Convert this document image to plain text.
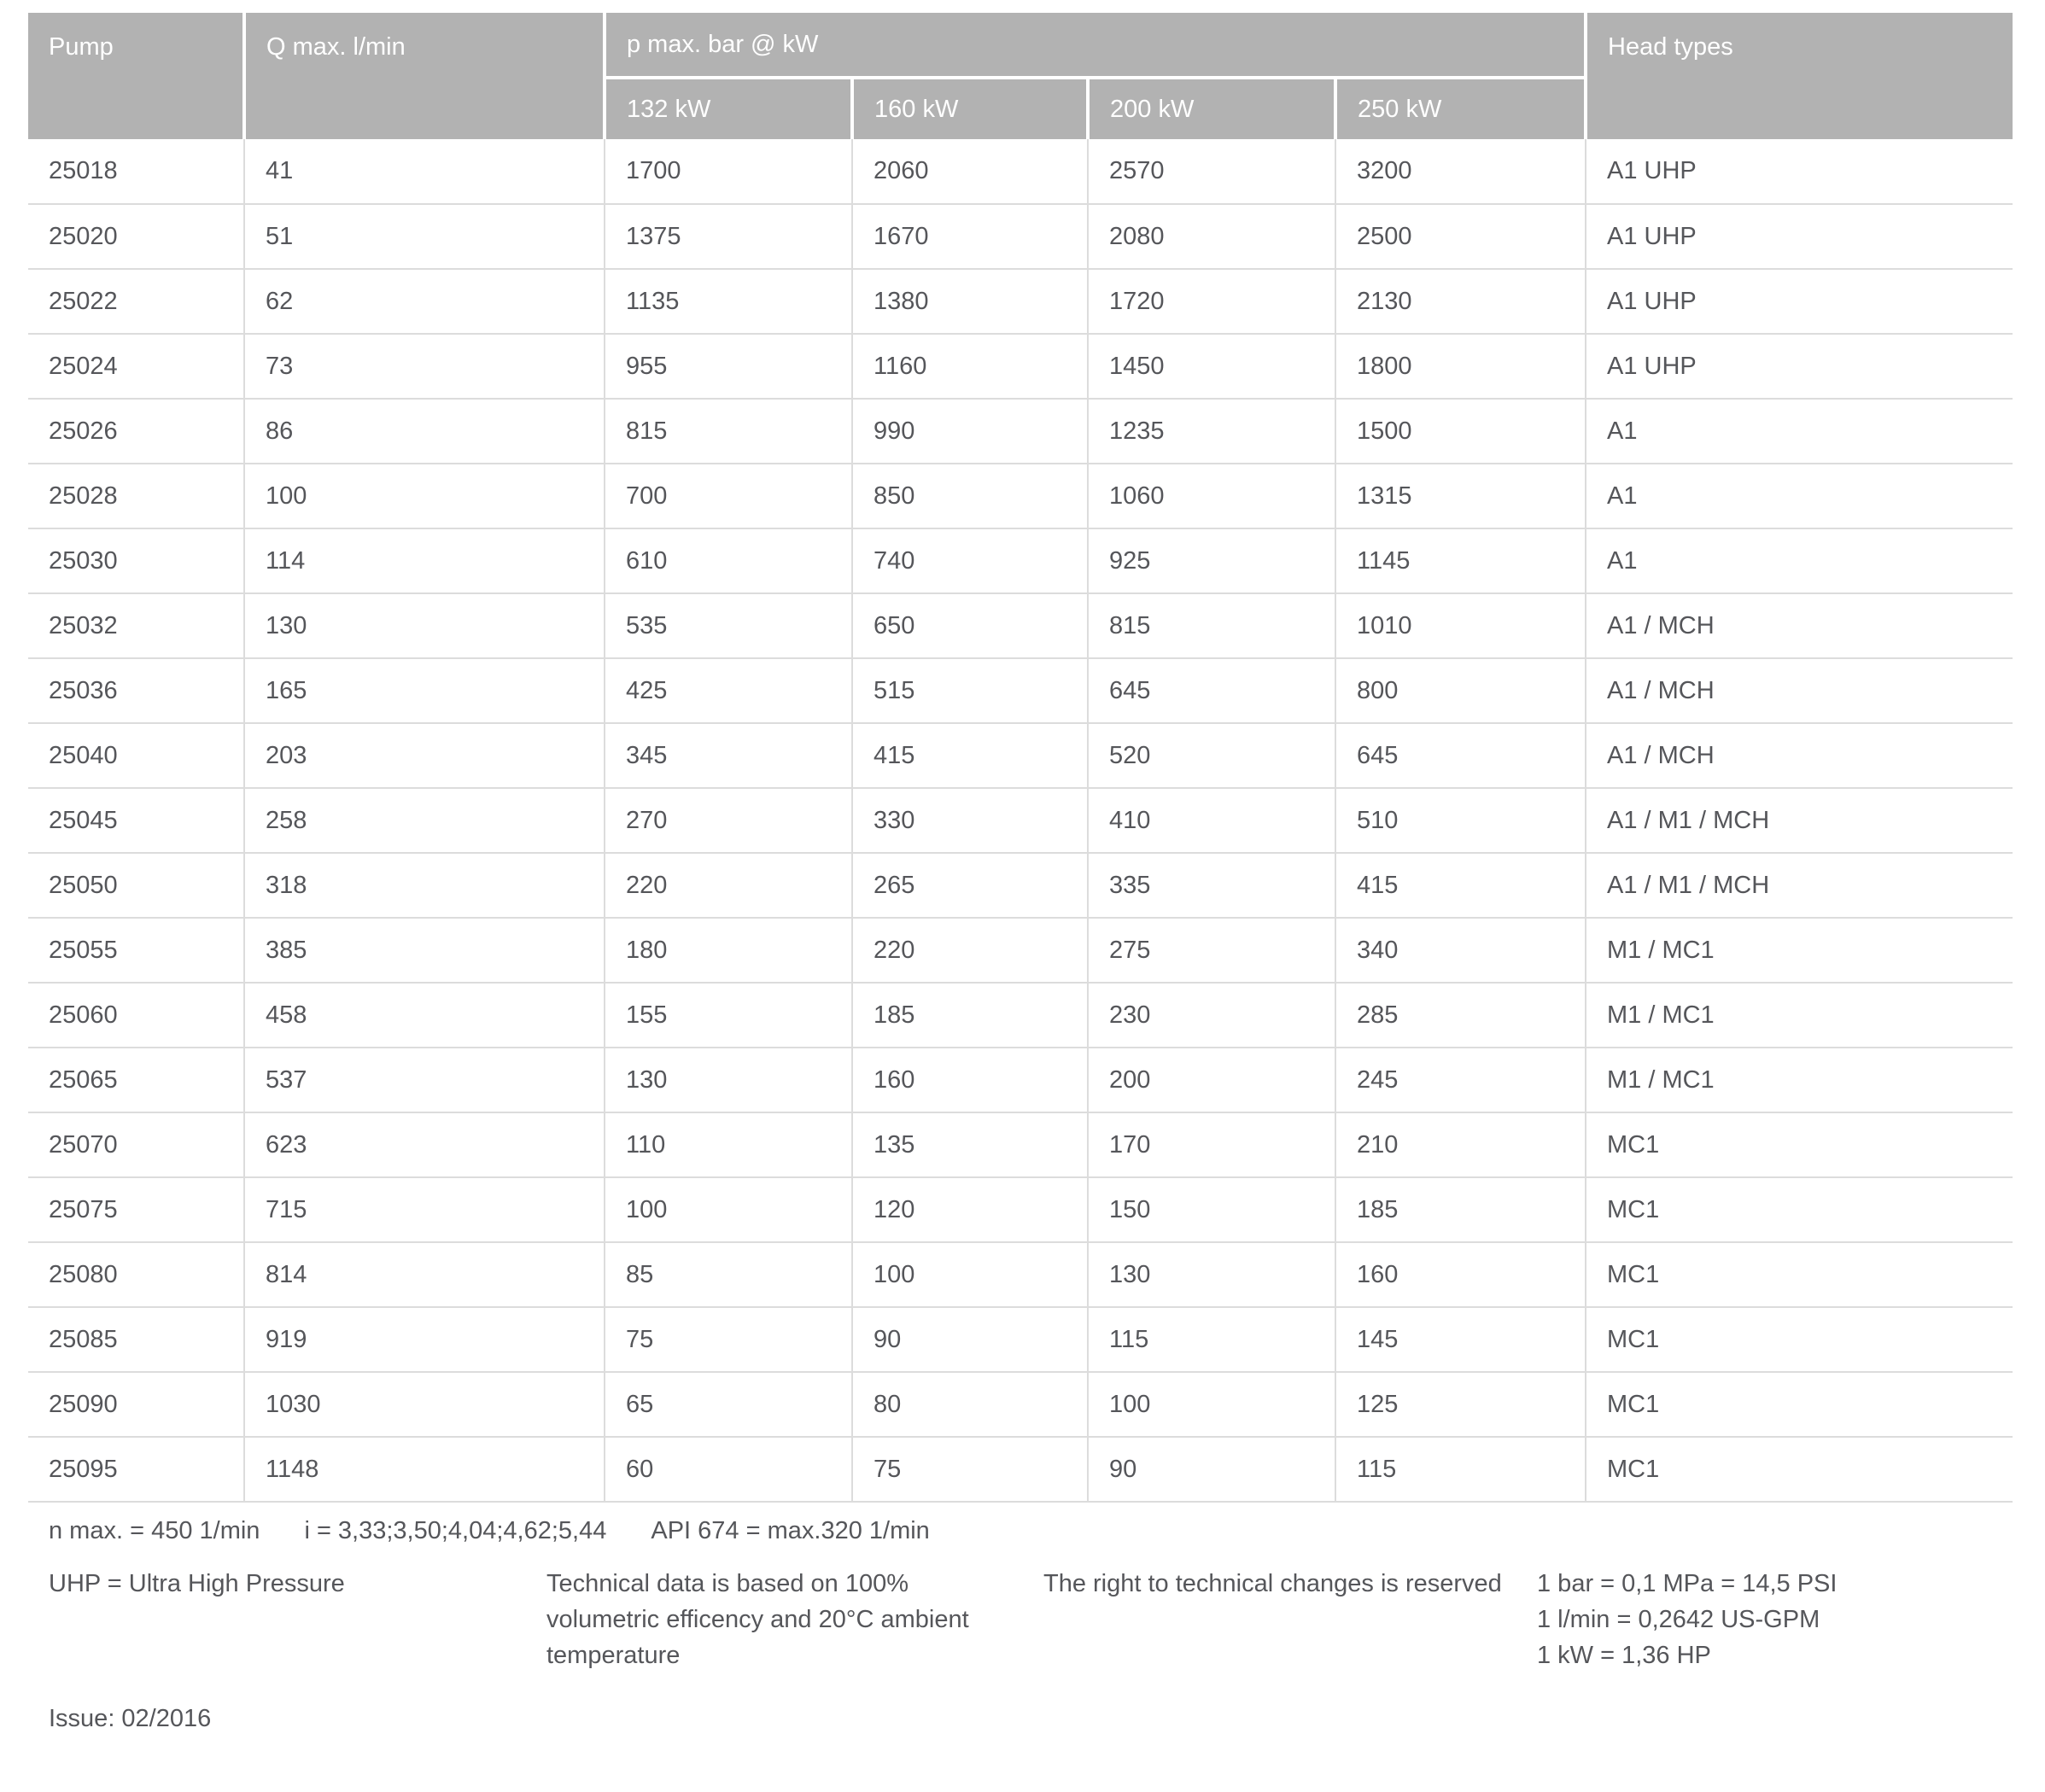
Pump	Q max. l/min	p max. bar @ kW				Head types
		132 kW	160 kW	200 kW	250 kW	
25018	41	1700	2060	2570	3200	A1 UHP
25020	51	1375	1670	2080	2500	A1 UHP
25022	62	1135	1380	1720	2130	A1 UHP
25024	73	955	1160	1450	1800	A1 UHP
25026	86	815	990	1235	1500	A1
25028	100	700	850	1060	1315	A1
25030	114	610	740	925	1145	A1
25032	130	535	650	815	1010	A1 / MCH
25036	165	425	515	645	800	A1 / MCH
25040	203	345	415	520	645	A1 / MCH
25045	258	270	330	410	510	A1 / M1 / MCH
25050	318	220	265	335	415	A1 / M1 / MCH
25055	385	180	220	275	340	M1 / MC1
25060	458	155	185	230	285	M1 / MC1
25065	537	130	160	200	245	M1 / MC1
25070	623	110	135	170	210	MC1
25075	715	100	120	150	185	MC1
25080	814	85	100	130	160	MC1
25085	919	75	90	115	145	MC1
25090	1030	65	80	100	125	MC1
25095	1148	60	75	90	115	MC1
n max. = 450 1/min i = 3,33;3,50;4,04;4,62;5,44 API 674 = max.320 1/min
UHP = Ultra High Pressure	Technical data is based on 100%
volumetric efficency and 20°C ambient
temperature
The right to technical changes is reserved	1 bar = 0,1 MPa = 14,5 PSI
1 l/min = 0,2642 US-GPM
1 kW = 1,36 HP
Issue: 02/2016
